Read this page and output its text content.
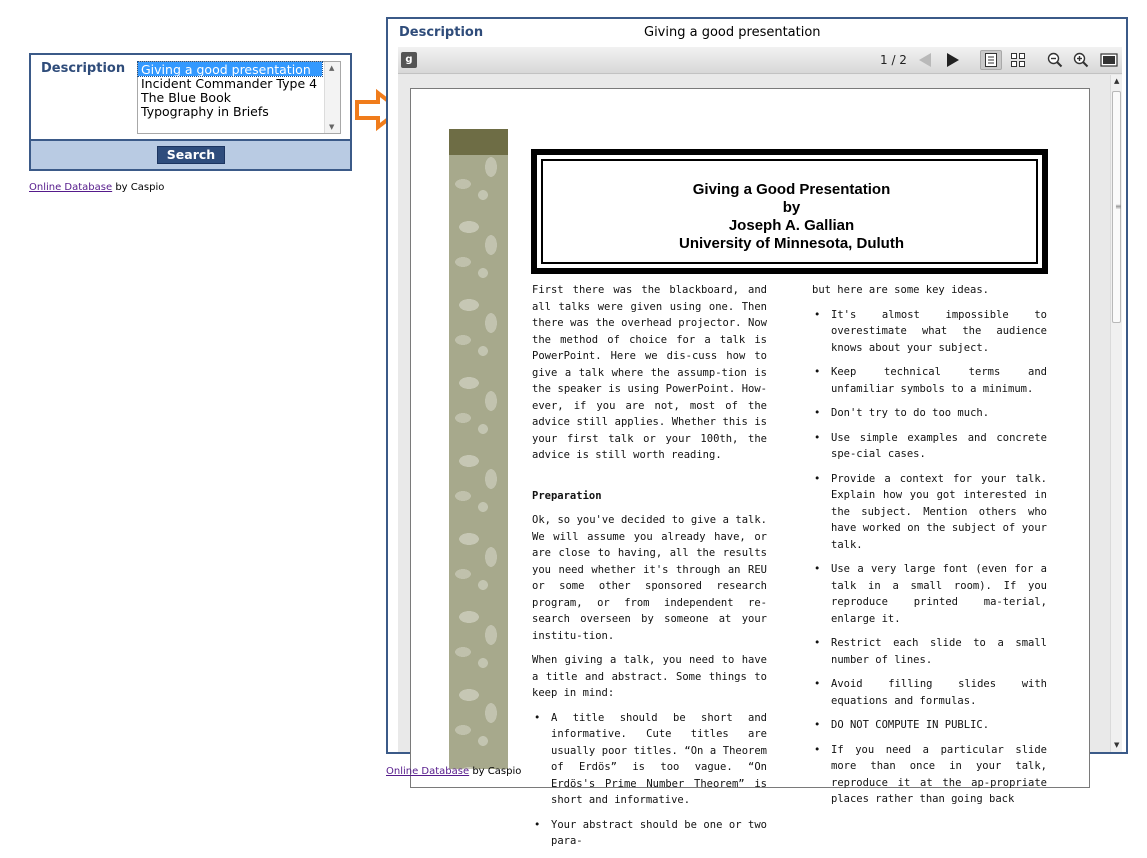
Description Giving a good presentation
Incident Commander Type 4
The Blue Book
Typography in Briefs
▲
▼
Search
Online Database by Caspio
Description	Giving a good presentation
g	1 / 2
Giving a Good Presentation
by
Joseph A. Gallian
University of Minnesota, Duluth

First there was the blackboard, and all talks were given using one. Then there was the overhead projector. Now the method of choice for a talk is PowerPoint. Here we dis-cuss how to give a talk where the assump-tion is the speaker is using PowerPoint. How-ever, if you are not, most of the advice still applies. Whether this is your first talk or your 100th, the advice is still worth reading.

Preparation

Ok, so you've decided to give a talk. We will assume you already have, or are close to having, all the results you need whether it's through an REU or some other sponsored research program, or from independent re-search overseen by someone at your institu-tion.

When giving a talk, you need to have a title and abstract. Some things to keep in mind:

• A title should be short and informative. Cute titles are usually poor titles. “On a Theorem of Erdös” is too vague. “On Erdös's Prime Number Theorem” is short and informative.
• Your abstract should be one or two para-

but here are some key ideas.

• It's almost impossible to overestimate what the audience knows about your subject.
• Keep technical terms and unfamiliar symbols to a minimum.
• Don't try to do too much.
• Use simple examples and concrete spe-cial cases.
• Provide a context for your talk. Explain how you got interested in the subject. Mention others who have worked on the subject of your talk.
• Use a very large font (even for a talk in a small room). If you reproduce printed ma-terial, enlarge it.
• Restrict each slide to a small number of lines.
• Avoid filling slides with equations and formulas.
• DO NOT COMPUTE IN PUBLIC.
• If you need a particular slide more than once in your talk, reproduce it at the ap-propriate places rather than going back
▲
≡
▼
Online Database by Caspio
